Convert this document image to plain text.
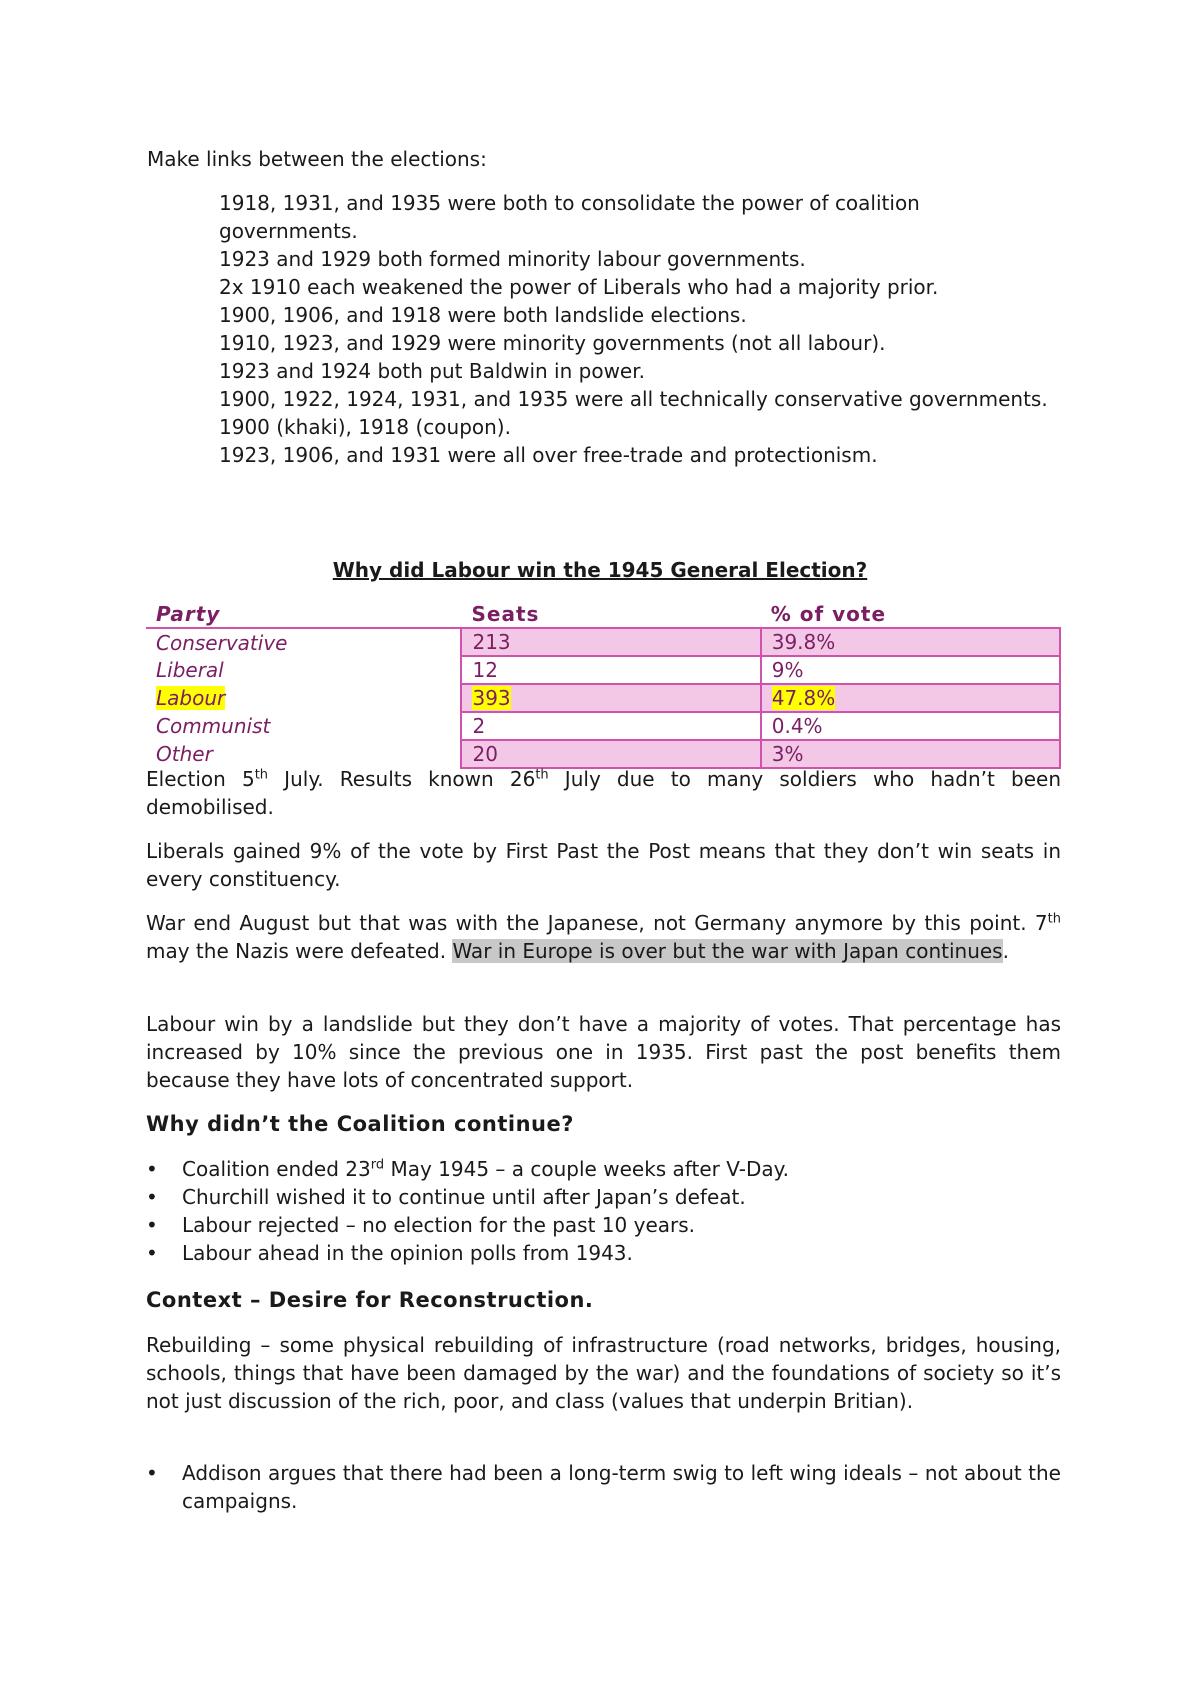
Make links between the elections:

1918, 1931, and 1935 were both to consolidate the power of coalition governments.
1923 and 1929 both formed minority labour governments.
2x 1910 each weakened the power of Liberals who had a majority prior.
1900, 1906, and 1918 were both landslide elections.
1910, 1923, and 1929 were minority governments (not all labour).
1923 and 1924 both put Baldwin in power.
1900, 1922, 1924, 1931, and 1935 were all technically conservative governments.
1900 (khaki), 1918 (coupon).
1923, 1906, and 1931 were all over free-trade and protectionism.
Why did Labour win the 1945 General Election?
Party	Seats	% of vote
Conservative	213	39.8%
Liberal	12	9%
Labour	393	47.8%
Communist	2	0.4%
Other	20	3%

Election 5th July. Results known 26th July due to many soldiers who hadn’t been demobilised.

Liberals gained 9% of the vote by First Past the Post means that they don’t win seats in every constituency.

War end August but that was with the Japanese, not Germany anymore by this point. 7th may the Nazis were defeated. War in Europe is over but the war with Japan continues.

Labour win by a landslide but they don’t have a majority of votes. That percentage has increased by 10% since the previous one in 1935. First past the post benefits them because they have lots of concentrated support.

Why didn’t the Coalition continue?
• Coalition ended 23rd May 1945 – a couple weeks after V-Day.
• Churchill wished it to continue until after Japan’s defeat.
• Labour rejected – no election for the past 10 years.
• Labour ahead in the opinion polls from 1943.
Context – Desire for Reconstruction.

Rebuilding – some physical rebuilding of infrastructure (road networks, bridges, housing, schools, things that have been damaged by the war) and the foundations of society so it’s not just discussion of the rich, poor, and class (values that underpin Britian).

• Addison argues that there had been a long-term swig to left wing ideals – not about the campaigns.
